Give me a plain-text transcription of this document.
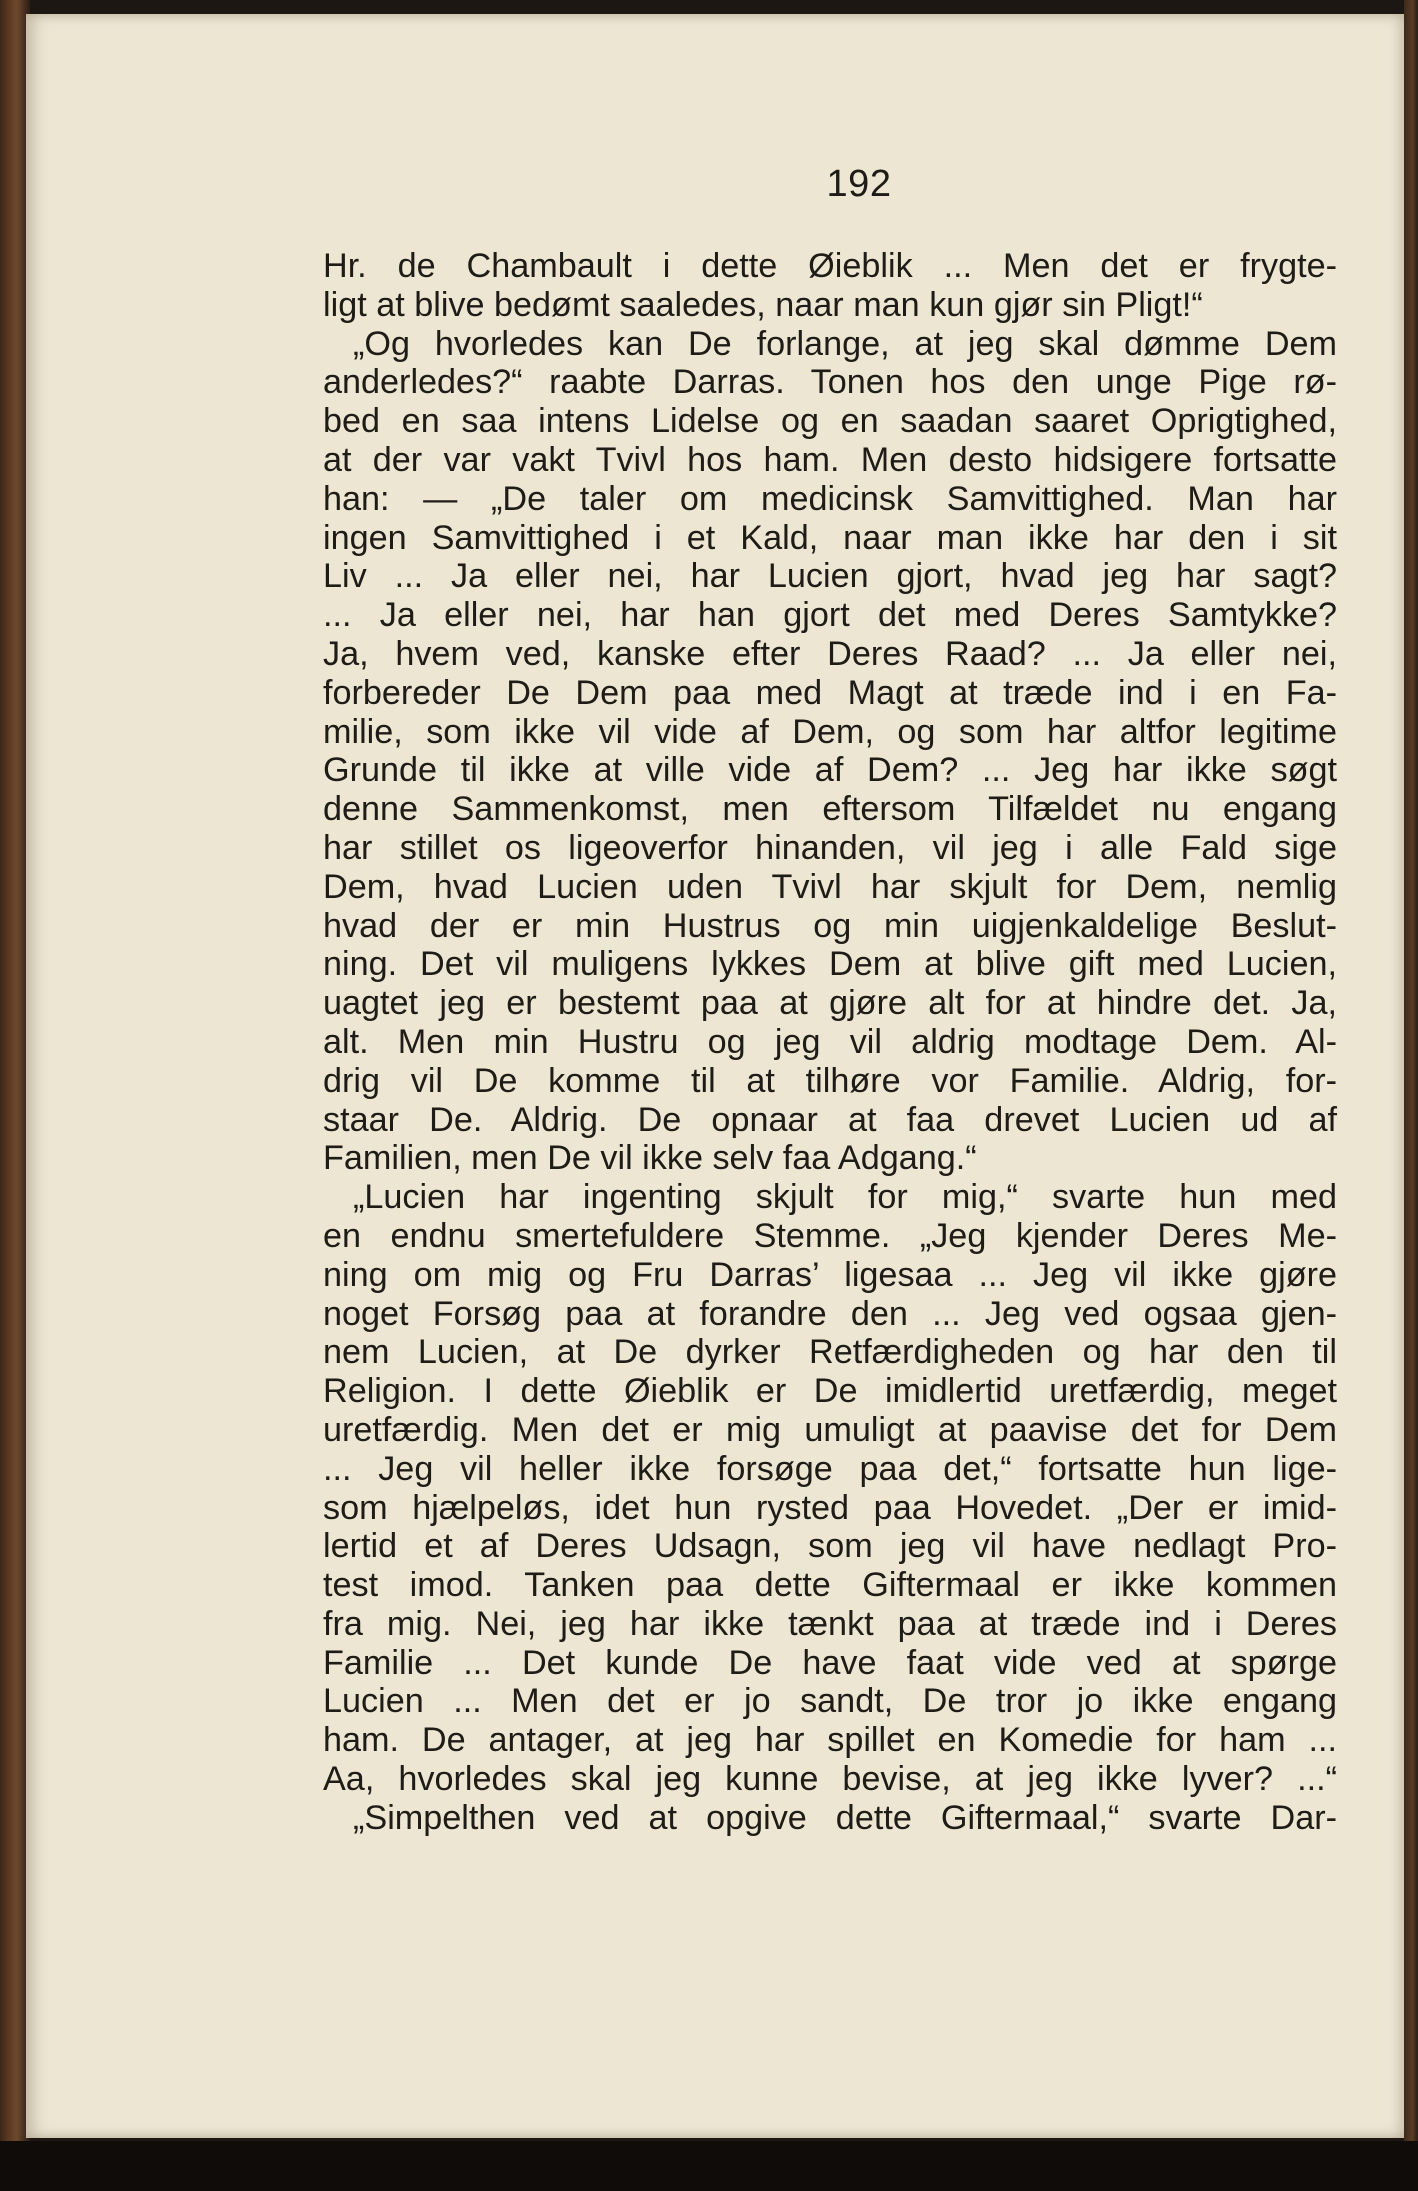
192
Hr. de Chambault i dette Øieblik ... Men det er frygte-
ligt at blive bedømt saaledes, naar man kun gjør sin Pligt!“
„Og hvorledes kan De forlange, at jeg skal dømme Dem
anderledes?“ raabte Darras. Tonen hos den unge Pige rø-
bed en saa intens Lidelse og en saadan saaret Oprigtighed,
at der var vakt Tvivl hos ham. Men desto hidsigere fortsatte
han: — „De taler om medicinsk Samvittighed. Man har
ingen Samvittighed i et Kald, naar man ikke har den i sit
Liv ... Ja eller nei, har Lucien gjort, hvad jeg har sagt?
... Ja eller nei, har han gjort det med Deres Samtykke?
Ja, hvem ved, kanske efter Deres Raad? ... Ja eller nei,
forbereder De Dem paa med Magt at træde ind i en Fa-
milie, som ikke vil vide af Dem, og som har altfor legitime
Grunde til ikke at ville vide af Dem? ... Jeg har ikke søgt
denne Sammenkomst, men eftersom Tilfældet nu engang
har stillet os ligeoverfor hinanden, vil jeg i alle Fald sige
Dem, hvad Lucien uden Tvivl har skjult for Dem, nemlig
hvad der er min Hustrus og min uigjenkaldelige Beslut-
ning. Det vil muligens lykkes Dem at blive gift med Lucien,
uagtet jeg er bestemt paa at gjøre alt for at hindre det. Ja,
alt. Men min Hustru og jeg vil aldrig modtage Dem. Al-
drig vil De komme til at tilhøre vor Familie. Aldrig, for-
staar De. Aldrig. De opnaar at faa drevet Lucien ud af
Familien, men De vil ikke selv faa Adgang.“
„Lucien har ingenting skjult for mig,“ svarte hun med
en endnu smertefuldere Stemme. „Jeg kjender Deres Me-
ning om mig og Fru Darras’ ligesaa ... Jeg vil ikke gjøre
noget Forsøg paa at forandre den ... Jeg ved ogsaa gjen-
nem Lucien, at De dyrker Retfærdigheden og har den til
Religion. I dette Øieblik er De imidlertid uretfærdig, meget
uretfærdig. Men det er mig umuligt at paavise det for Dem
... Jeg vil heller ikke forsøge paa det,“ fortsatte hun lige-
som hjælpeløs, idet hun rysted paa Hovedet. „Der er imid-
lertid et af Deres Udsagn, som jeg vil have nedlagt Pro-
test imod. Tanken paa dette Giftermaal er ikke kommen
fra mig. Nei, jeg har ikke tænkt paa at træde ind i Deres
Familie ... Det kunde De have faat vide ved at spørge
Lucien ... Men det er jo sandt, De tror jo ikke engang
ham. De antager, at jeg har spillet en Komedie for ham ...
Aa, hvorledes skal jeg kunne bevise, at jeg ikke lyver? ...“
„Simpelthen ved at opgive dette Giftermaal,“ svarte Dar-
